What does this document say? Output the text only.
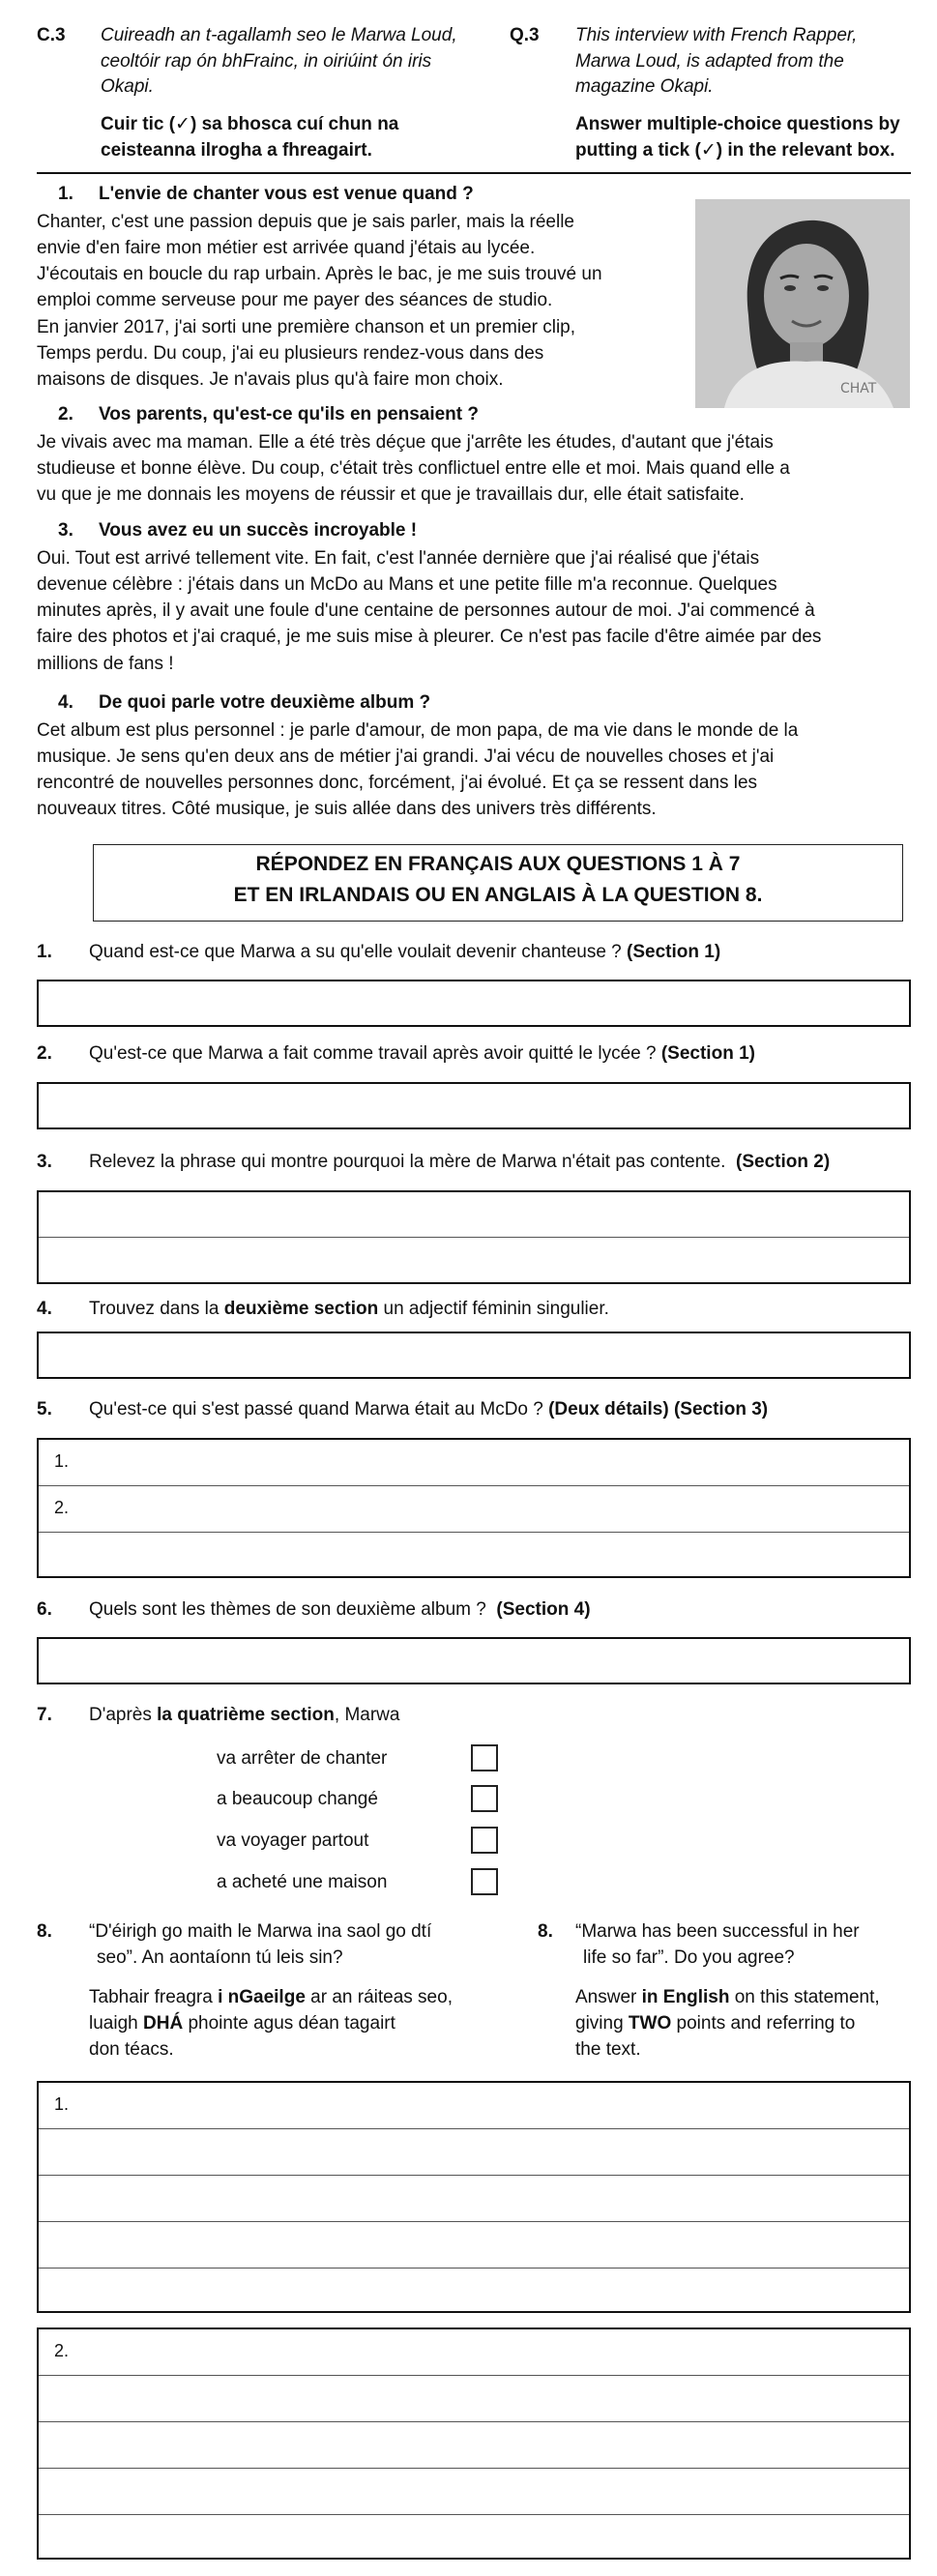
C.3 Cuireadh an t-agallamh seo le Marwa Loud, ceoltóir rap ón bhFrainc, in oiriúint ón iris Okapi.
Cuir tic (✓) sa bhosca cuí chun na ceisteanna ilrogha a fhreagairt.
Q.3 This interview with French Rapper, Marwa Loud, is adapted from the magazine Okapi.
Answer multiple-choice questions by putting a tick (✓) in the relevant box.
1. L'envie de chanter vous est venue quand ?
Chanter, c'est une passion depuis que je sais parler, mais la réelle
envie d'en faire mon métier est arrivée quand j'étais au lycée.
J'écoutais en boucle du rap urbain. Après le bac, je me suis trouvé un
emploi comme serveuse pour me payer des séances de studio.
En janvier 2017, j'ai sorti une première chanson et un premier clip,
Temps perdu. Du coup, j'ai eu plusieurs rendez-vous dans des
maisons de disques. Je n'avais plus qu'à faire mon choix.	CHAT
2. Vos parents, qu'est-ce qu'ils en pensaient ?
Je vivais avec ma maman. Elle a été très déçue que j'arrête les études, d'autant que j'étais
studieuse et bonne élève. Du coup, c'était très conflictuel entre elle et moi. Mais quand elle a
vu que je me donnais les moyens de réussir et que je travaillais dur, elle était satisfaite.
3. Vous avez eu un succès incroyable !
Oui. Tout est arrivé tellement vite. En fait, c'est l'année dernière que j'ai réalisé que j'étais
devenue célèbre : j'étais dans un McDo au Mans et une petite fille m'a reconnue. Quelques
minutes après, il y avait une foule d'une centaine de personnes autour de moi. J'ai commencé à
faire des photos et j'ai craqué, je me suis mise à pleurer. Ce n'est pas facile d'être aimée par des
millions de fans !
4. De quoi parle votre deuxième album ?
Cet album est plus personnel : je parle d'amour, de mon papa, de ma vie dans le monde de la
musique. Je sens qu'en deux ans de métier j'ai grandi. J'ai vécu de nouvelles choses et j'ai
rencontré de nouvelles personnes donc, forcément, j'ai évolué. Et ça se ressent dans les
nouveaux titres. Côté musique, je suis allée dans des univers très différents.
RÉPONDEZ EN FRANÇAIS AUX QUESTIONS 1 À 7
ET EN IRLANDAIS OU EN ANGLAIS À LA QUESTION 8.
1. Quand est-ce que Marwa a su qu'elle voulait devenir chanteuse ? (Section 1)
2. Qu'est-ce que Marwa a fait comme travail après avoir quitté le lycée ? (Section 1)
3. Relevez la phrase qui montre pourquoi la mère de Marwa n'était pas contente. (Section 2)
4. Trouvez dans la deuxième section un adjectif féminin singulier.
5. Qu'est-ce qui s'est passé quand Marwa était au McDo ? (Deux détails) (Section 3)
1.
2.
6. Quels sont les thèmes de son deuxième album ? (Section 4)
7. D'après la quatrième section, Marwa
va arrêter de chanter
a beaucoup changé
va voyager partout
a acheté une maison
8. “D'éirigh go maith le Marwa ina saol go dtí
seo”. An aontaíonn tú leis sin?
Tabhair freagra i nGaeilge ar an ráiteas seo,
luaigh DHÁ phointe agus déan tagairt
don téacs.
8. “Marwa has been successful in her
life so far”. Do you agree?
Answer in English on this statement,
giving TWO points and referring to
the text.
1.
2.
